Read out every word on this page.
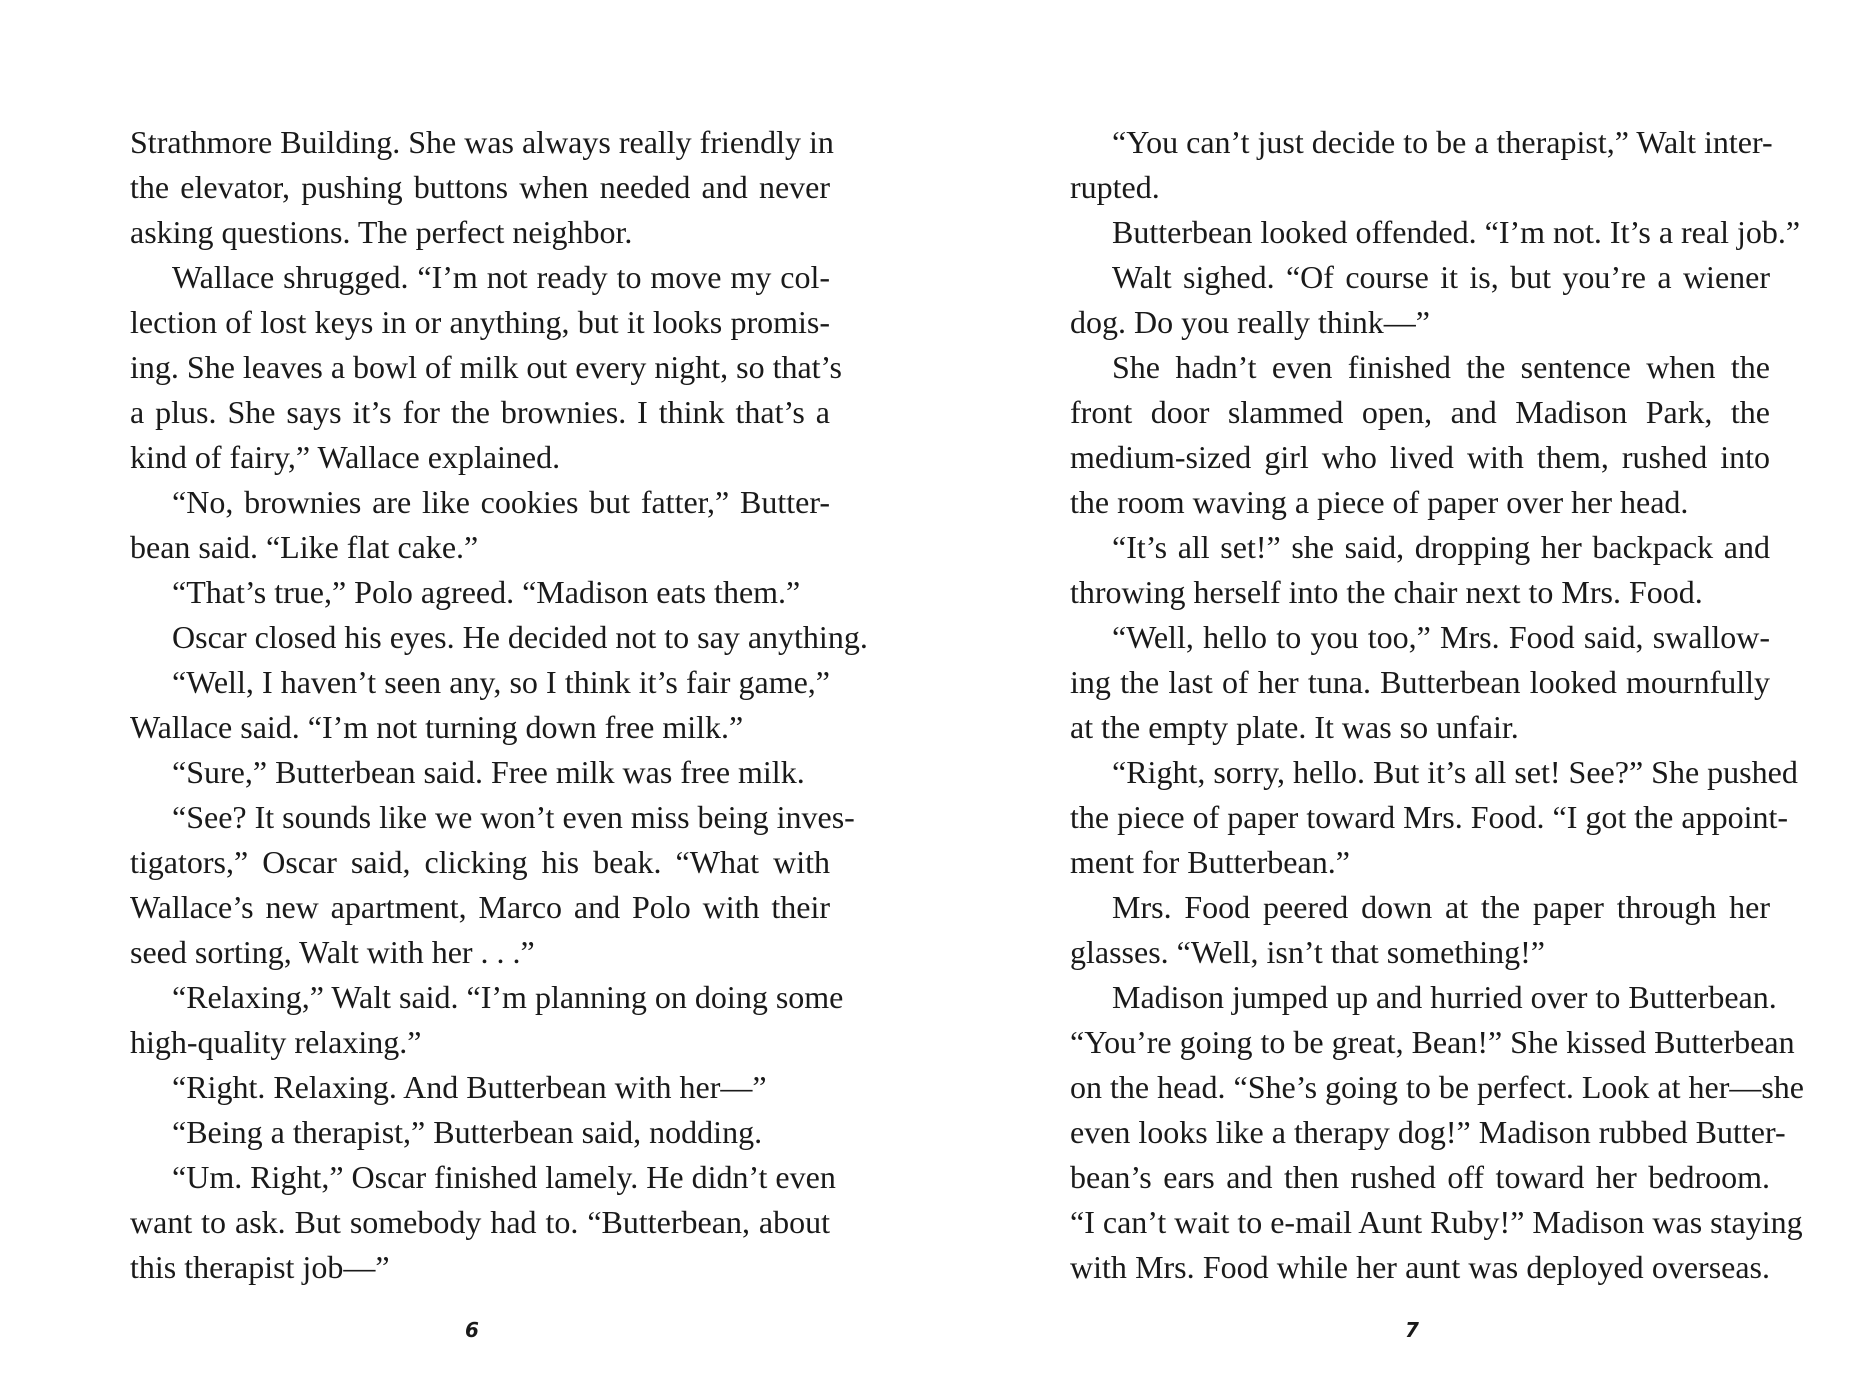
Strathmore Building. She was always really friendly in
the elevator, pushing buttons when needed and never
asking questions. The perfect neighbor.
Wallace shrugged. “I’m not ready to move my col-
lection of lost keys in or anything, but it looks promis-
ing. She leaves a bowl of milk out every night, so that’s
a plus. She says it’s for the brownies. I think that’s a
kind of fairy,” Wallace explained.
“No, brownies are like cookies but fatter,” Butter-
bean said. “Like flat cake.”
“That’s true,” Polo agreed. “Madison eats them.”
Oscar closed his eyes. He decided not to say anything.
“Well, I haven’t seen any, so I think it’s fair game,”
Wallace said. “I’m not turning down free milk.”
“Sure,” Butterbean said. Free milk was free milk.
“See? It sounds like we won’t even miss being inves-
tigators,” Oscar said, clicking his beak. “What with
Wallace’s new apartment, Marco and Polo with their
seed sorting, Walt with her . . .”
“Relaxing,” Walt said. “I’m planning on doing some
high-quality relaxing.”
“Right. Relaxing. And Butterbean with her—”
“Being a therapist,” Butterbean said, nodding.
“Um. Right,” Oscar finished lamely. He didn’t even
want to ask. But somebody had to. “Butterbean, about
this therapist job—”
“You can’t just decide to be a therapist,” Walt inter-
rupted.
Butterbean looked offended. “I’m not. It’s a real job.”
Walt sighed. “Of course it is, but you’re a wiener
dog. Do you really think—”
She hadn’t even finished the sentence when the
front door slammed open, and Madison Park, the
medium-sized girl who lived with them, rushed into
the room waving a piece of paper over her head.
“It’s all set!” she said, dropping her backpack and
throwing herself into the chair next to Mrs. Food.
“Well, hello to you too,” Mrs. Food said, swallow-
ing the last of her tuna. Butterbean looked mournfully
at the empty plate. It was so unfair.
“Right, sorry, hello. But it’s all set! See?” She pushed
the piece of paper toward Mrs. Food. “I got the appoint-
ment for Butterbean.”
Mrs. Food peered down at the paper through her
glasses. “Well, isn’t that something!”
Madison jumped up and hurried over to Butterbean.
“You’re going to be great, Bean!” She kissed Butterbean
on the head. “She’s going to be perfect. Look at her—she
even looks like a therapy dog!” Madison rubbed Butter-
bean’s ears and then rushed off toward her bedroom.
“I can’t wait to e-mail Aunt Ruby!” Madison was staying
with Mrs. Food while her aunt was deployed overseas.
6	7
